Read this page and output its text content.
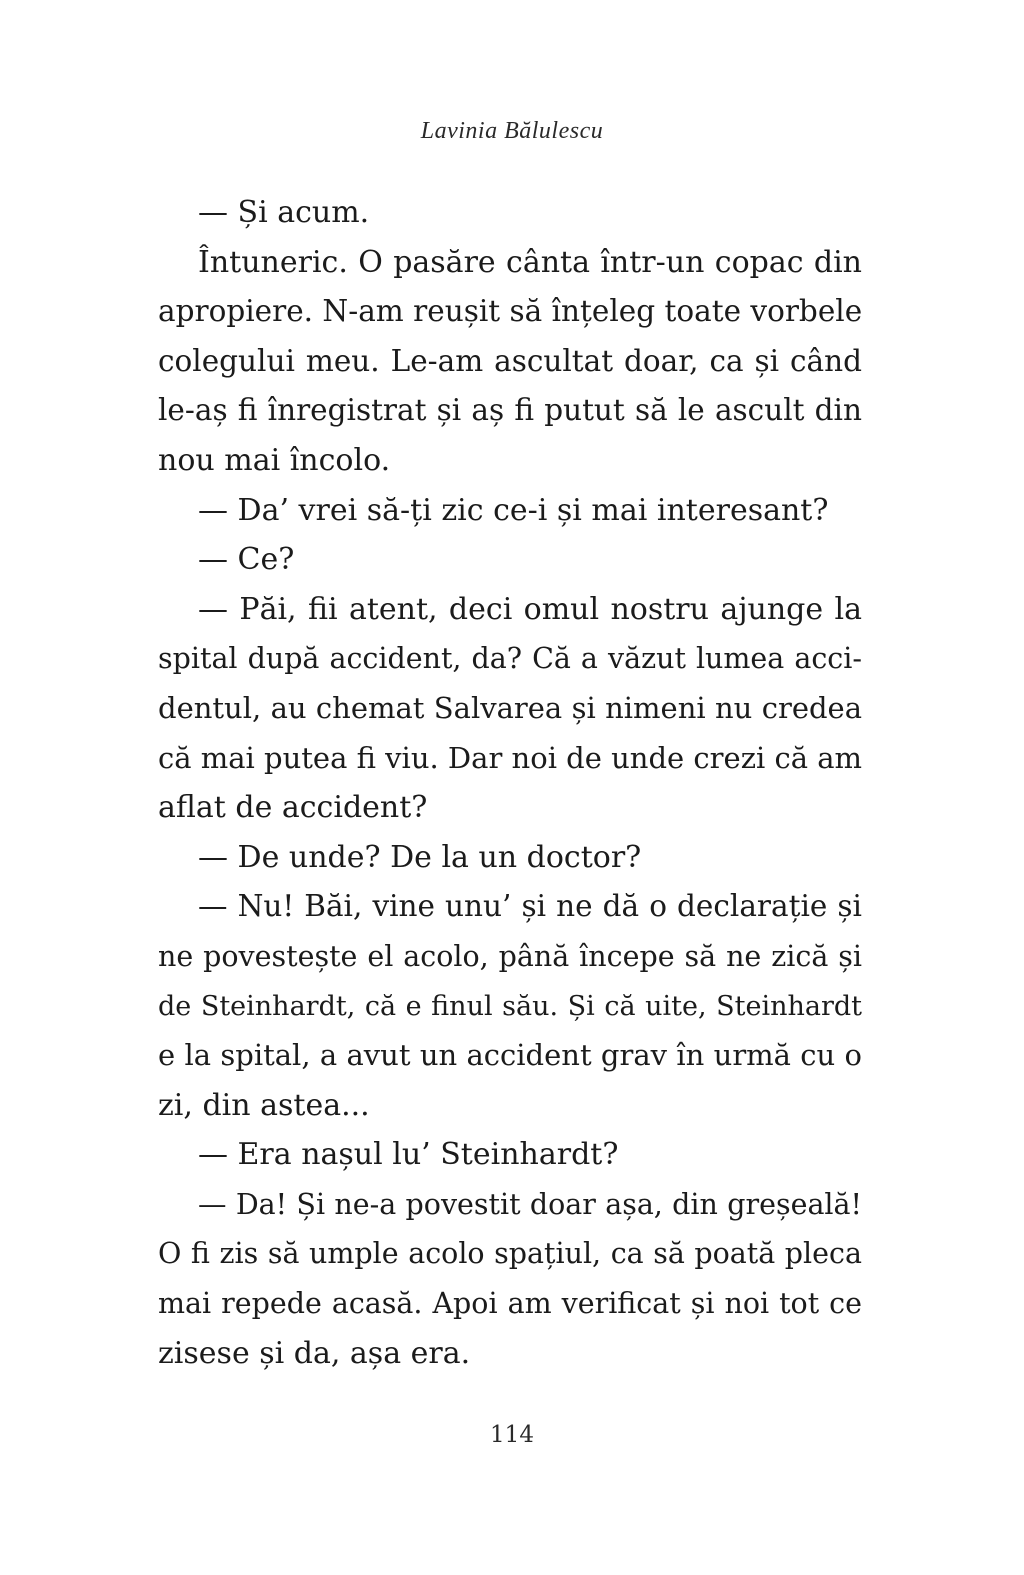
Lavinia Bălulescu
— Și acum.
Întuneric. O pasăre cânta într-un copac din
apropiere. N-am reușit să înțeleg toate vorbele
colegului meu. Le-am ascultat doar, ca și când
le-aș fi înregistrat și aș fi putut să le ascult din
nou mai încolo.
— Da’ vrei să-ți zic ce-i și mai interesant?
— Ce?
— Păi, fii atent, deci omul nostru ajunge la
spital după accident, da? Că a văzut lumea acci-
dentul, au chemat Salvarea și nimeni nu credea
că mai putea fi viu. Dar noi de unde crezi că am
aflat de accident?
— De unde? De la un doctor?
— Nu! Băi, vine unu’ și ne dă o declarație și
ne povestește el acolo, până începe să ne zică și
de Steinhardt, că e finul său. Și că uite, Steinhardt
e la spital, a avut un accident grav în urmă cu o
zi, din astea...
— Era nașul lu’ Steinhardt?
— Da! Și ne-a povestit doar așa, din greșeală!
O fi zis să umple acolo spațiul, ca să poată pleca
mai repede acasă. Apoi am verificat și noi tot ce
zisese și da, așa era.
114
